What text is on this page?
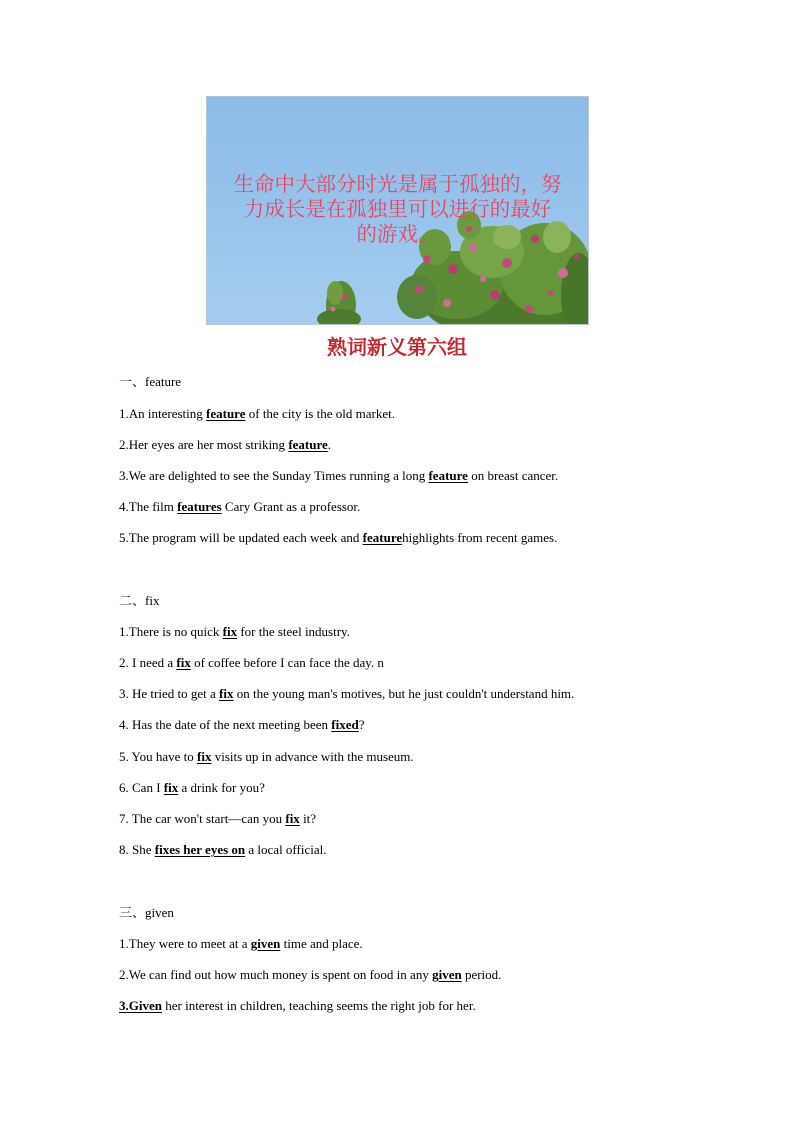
生命中大部分时光是属于孤独的，努
力成长是在孤独里可以进行的最好
的游戏。
熟词新义第六组
一、feature
1.An interesting feature of the city is the old market.
2.Her eyes are her most striking feature.
3.We are delighted to see the Sunday Times running a long feature on breast cancer.
4.The film features Cary Grant as a professor.
5.The program will be updated each week and featurehighlights from recent games.
二、fix
1.There is no quick fix for the steel industry.
2. I need a fix of coffee before I can face the day. n
3. He tried to get a fix on the young man's motives, but he just couldn't understand him.
4. Has the date of the next meeting been fixed?
5. You have to fix visits up in advance with the museum.
6. Can I fix a drink for you?
7. The car won't start—can you fix it?
8. She fixes her eyes on a local official.
三、given
1.They were to meet at a given time and place.
2.We can find out how much money is spent on food in any given period.
3.Given her interest in children, teaching seems the right job for her.
